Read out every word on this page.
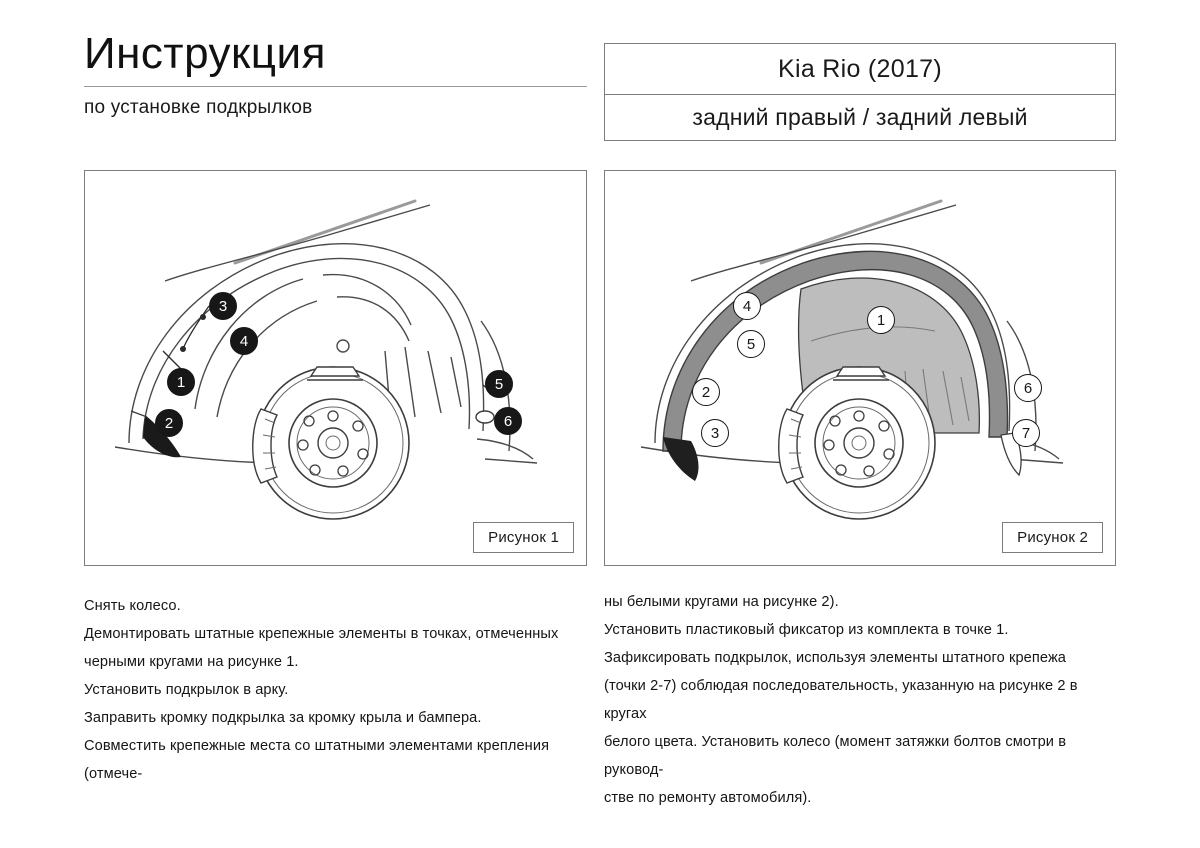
Инструкция

по установке подкрылков

Kia Rio (2017)
задний правый / задний левый
3
4
1
2
5
6
Рисунок 1
4
5
1
2
3
6
7
Рисунок 2

Снять колесо.

Демонтировать штатные крепежные элементы в точках, отмеченных

черными кругами на рисунке 1.

Установить подкрылок в арку.

Заправить кромку подкрылка за кромку крыла и бампера.

Совместить крепежные места со штатными элементами крепления (отмече-

ны белыми кругами на рисунке 2).

Установить пластиковый фиксатор из комплекта в точке 1.

Зафиксировать подкрылок, используя элементы штатного крепежа

(точки 2-7) соблюдая последовательность, указанную на рисунке 2 в кругах

белого цвета. Установить колесо (момент затяжки болтов смотри в руковод-

стве по ремонту автомобиля).
